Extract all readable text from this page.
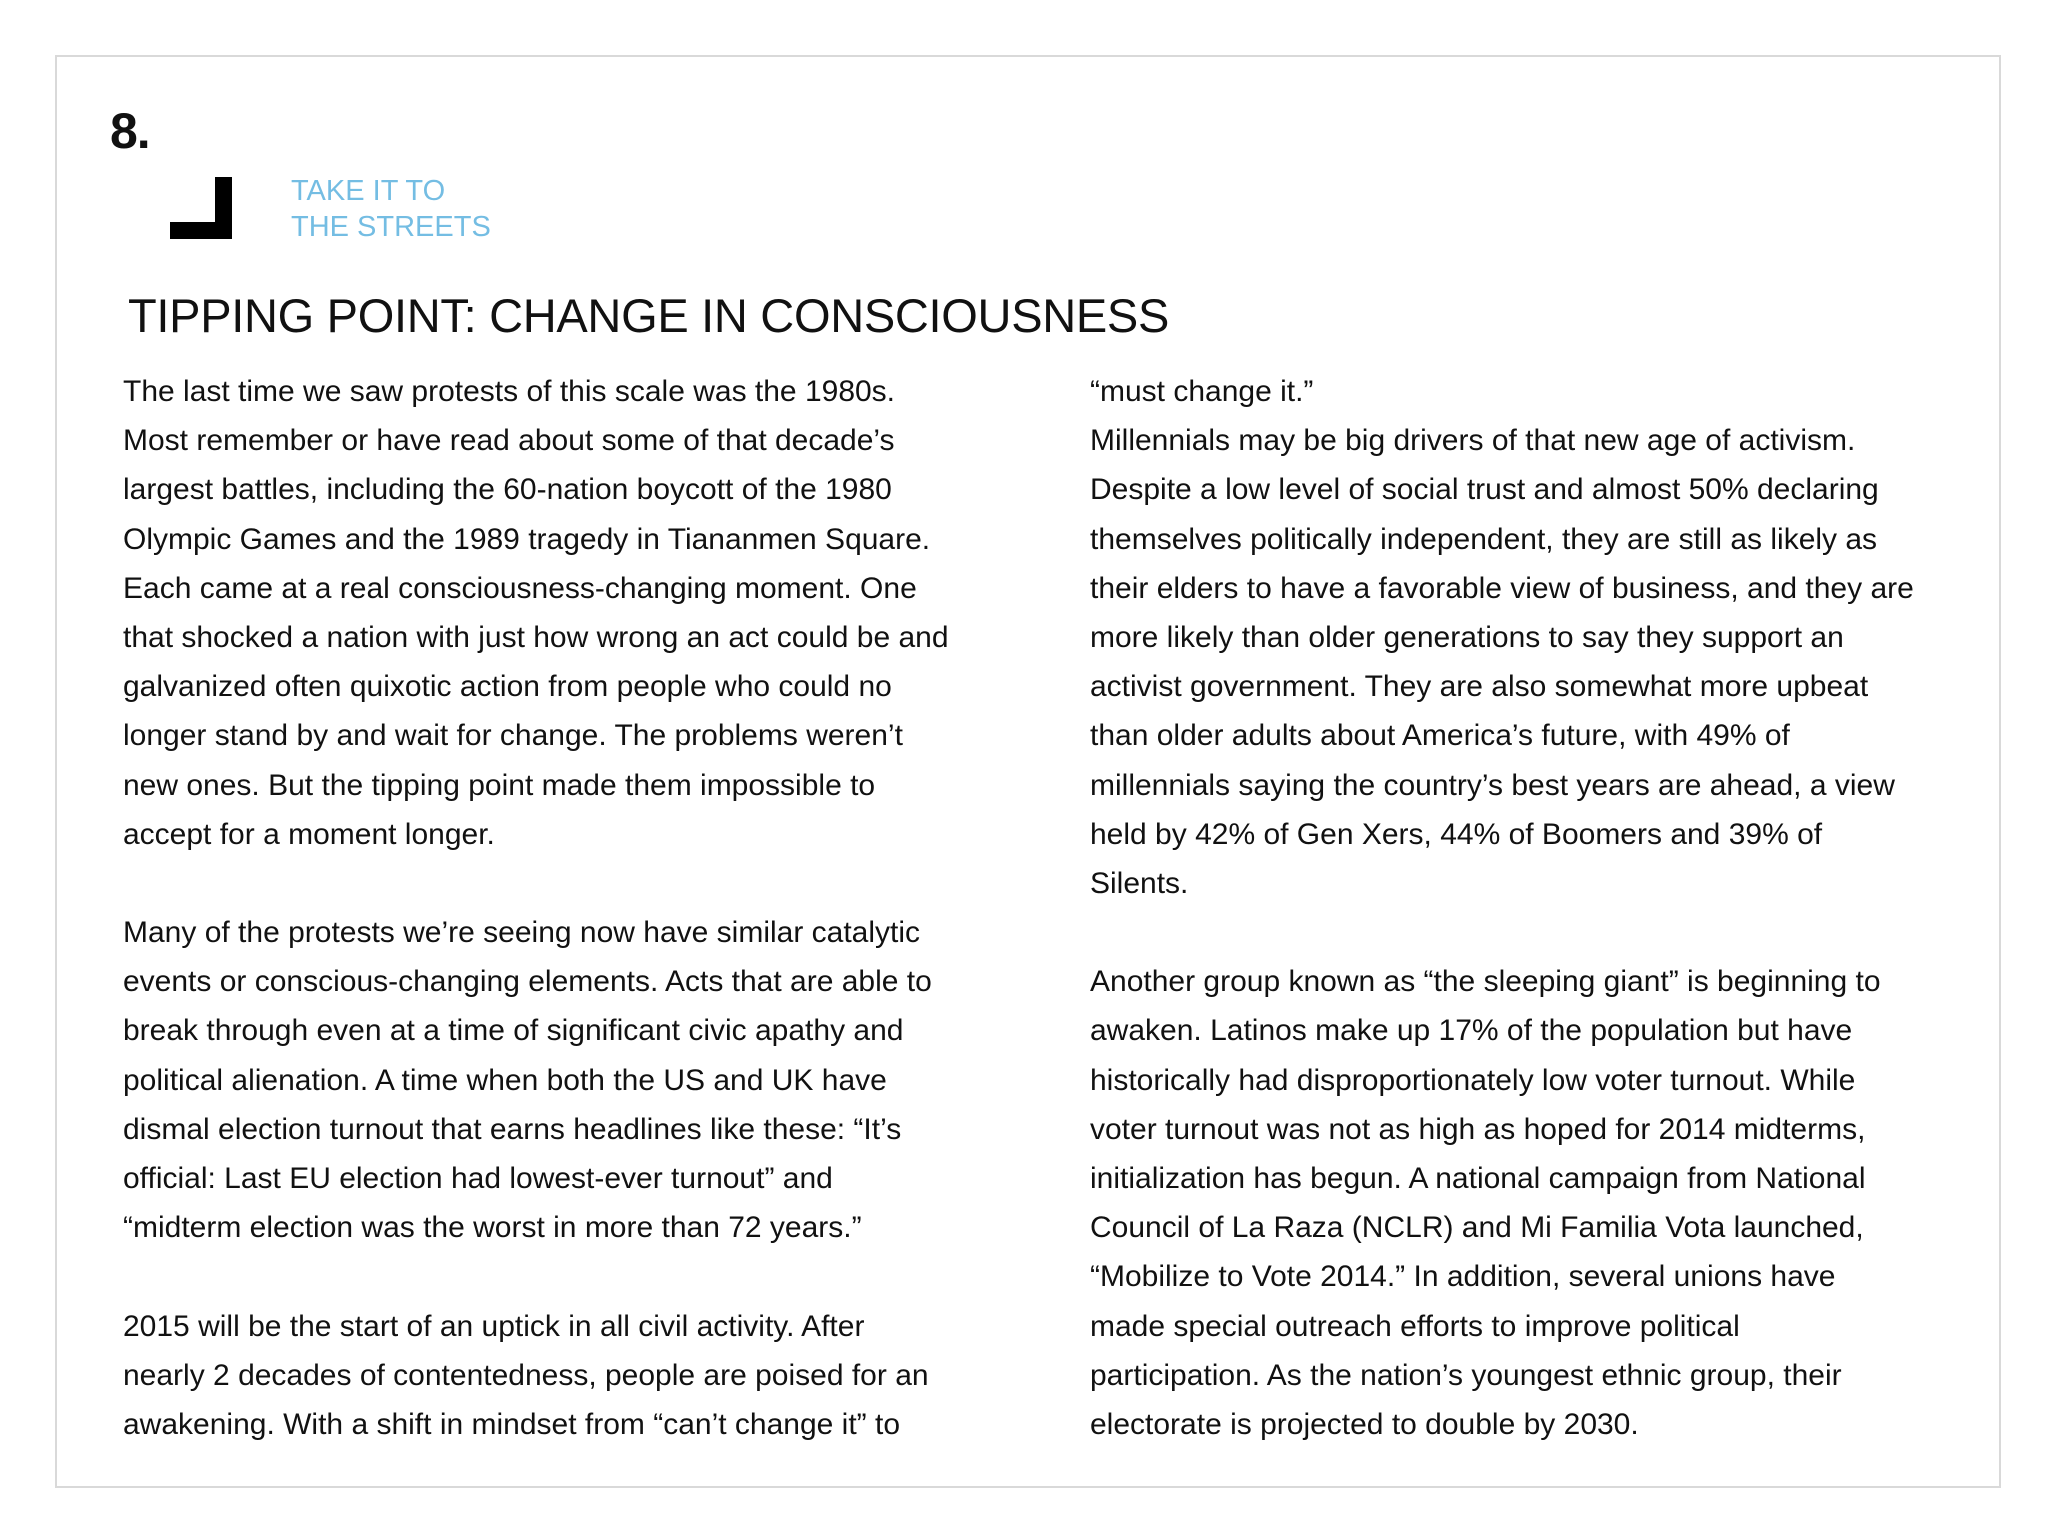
8.
TAKE IT TO
THE STREETS
TIPPING POINT: CHANGE IN CONSCIOUSNESS
The last time we saw protests of this scale was the 1980s.
Most remember or have read about some of that decade’s
largest battles, including the 60-nation boycott of the 1980
Olympic Games and the 1989 tragedy in Tiananmen Square.
Each came at a real consciousness-changing moment. One
that shocked a nation with just how wrong an act could be and
galvanized often quixotic action from people who could no
longer stand by and wait for change. The problems weren’t
new ones. But the tipping point made them impossible to
accept for a moment longer.
Many of the protests we’re seeing now have similar catalytic
events or conscious-changing elements. Acts that are able to
break through even at a time of significant civic apathy and
political alienation. A time when both the US and UK have
dismal election turnout that earns headlines like these: “It’s
official: Last EU election had lowest-ever turnout” and
“midterm election was the worst in more than 72 years.”
2015 will be the start of an uptick in all civil activity. After
nearly 2 decades of contentedness, people are poised for an
awakening. With a shift in mindset from “can’t change it” to
“must change it.”
Millennials may be big drivers of that new age of activism.
Despite a low level of social trust and almost 50% declaring
themselves politically independent, they are still as likely as
their elders to have a favorable view of business, and they are
more likely than older generations to say they support an
activist government. They are also somewhat more upbeat
than older adults about America’s future, with 49% of
millennials saying the country’s best years are ahead, a view
held by 42% of Gen Xers, 44% of Boomers and 39% of
Silents.
Another group known as “the sleeping giant” is beginning to
awaken. Latinos make up 17% of the population but have
historically had disproportionately low voter turnout. While
voter turnout was not as high as hoped for 2014 midterms,
initialization has begun. A national campaign from National
Council of La Raza (NCLR) and Mi Familia Vota launched,
“Mobilize to Vote 2014.” In addition, several unions have
made special outreach efforts to improve political
participation. As the nation’s youngest ethnic group, their
electorate is projected to double by 2030.
